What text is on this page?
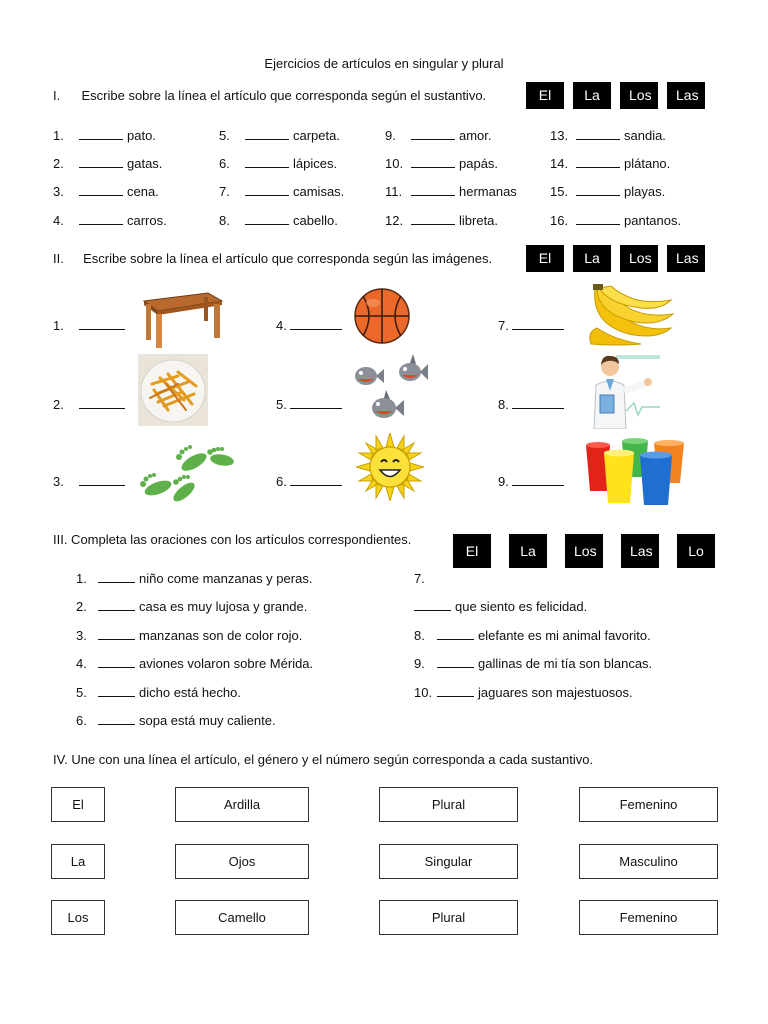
Ejercicios de artículos en singular y plural
I. Escribe sobre la línea el artículo que corresponda según el sustantivo.	El	La	Los	Las
1.	pato.
2.	gatas.
3.	cena.
4.	carros.
5.	carpeta.
6.	lápices.
7.	camisas.
8.	cabello.
9.	amor.
10.	papás.
11.	hermanas
12.	libreta.
13.	sandia.
14.	plátano.
15.	playas.
16.	pantanos.
II. Escribe sobre la línea el artículo que corresponda según las imágenes.	El	La	Los	Las
1.
2.
3.
4.
5.
6.
7.
8.
9.
III. Completa las oraciones con los artículos correspondientes.
El	La	Los	Las	Lo
1.	niño come manzanas y peras.
2.	casa es muy lujosa y grande.
3.	manzanas son de color rojo.
4.	aviones volaron sobre Mérida.
5.	dicho está hecho.
6.	sopa está muy caliente.
7.
que siento es felicidad.
8.	elefante es mi animal favorito.
9.	gallinas de mi tía son blancas.
10.	jaguares son majestuosos.
IV. Une con una línea el artículo, el género y el número según corresponda a cada sustantivo.
El	Ardilla	Plural	Femenino
La	Ojos	Singular	Masculino
Los	Camello	Plural	Femenino
